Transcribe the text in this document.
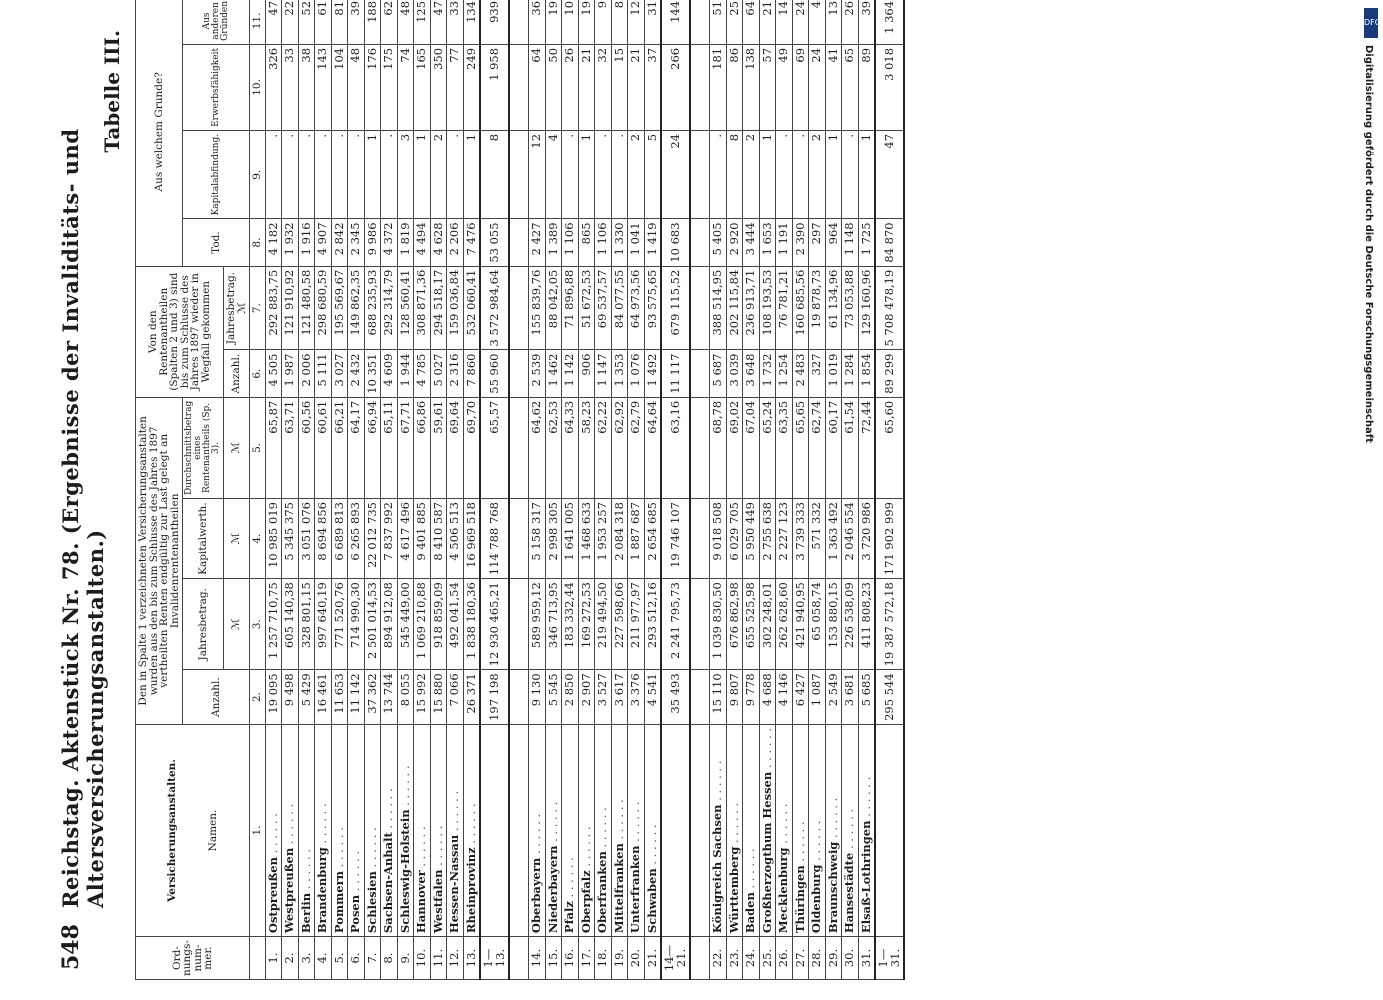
DFG
Digitalisierung gefördert durch die Deutsche Forschungsgemeinschaft
548
Reichstag. Aktenstück Nr. 78. (Ergebnisse der Invaliditäts- und Altersversicherungsanstalten.)
Tabelle III.
Ord-nungs-num-mer.	Versicherungsanstalten. Namen.	Den in Spalte 1 verzeichneten Versicherungsanstalten wurden aus den bis zum Schlusse des Jahres 1897 vertheilten Renten endgültig zur Last gelegt an Invalidenrentenantheilen				Von den Rentenantheilen (Spalten 2 und 3) sind bis zum Schlusse des Jahres 1897 wieder in Wegfall gekommen		Aus welchem Grunde?			
		Anzahl.	Jahresbetrag.	Kapitalwerth.	Durchschnittsbetrag eines Rentenantheils (Sp. 3).			Tod.	Kapitalabfindung.	Erwerbsfähigkeit	Aus anderen Gründen
			ℳ	ℳ	ℳ	Anzahl.	Jahresbetrag.
ℳ				
	1.	2.	3.	4.	5.	6.	7.	8.	9.	10.	11.
1.	Ostpreußen . . .	19 095	1 257 710,75	10 985 019	65,87	4 505	292 883,75	4 182	.	326	47
2.	Westpreußen . . .	9 498	605 140,38	5 345 375	63,71	1 987	121 910,92	1 932	.	33	22
3.	Berlin . . .	5 429	328 801,15	3 051 076	60,56	2 006	121 480,58	1 916	.	38	52
4.	Brandenburg . . .	16 461	997 640,19	8 694 856	60,61	5 111	298 680,59	4 907	.	143	61
5.	Pommern . . .	11 653	771 520,76	6 689 813	66,21	3 027	195 569,67	2 842	.	104	81
6.	Posen . . .	11 142	714 990,30	6 265 893	64,17	2 432	149 862,35	2 345	.	48	39
7.	Schlesien . . .	37 362	2 501 014,53	22 012 735	66,94	10 351	688 235,93	9 986	1	176	188
8.	Sachsen-Anhalt . . .	13 744	894 912,08	7 837 992	65,11	4 609	292 314,79	4 372	.	175	62
9.	Schleswig-Holstein . . .	8 055	545 449,00	4 617 496	67,71	1 944	128 560,41	1 819	3	74	48
10.	Hannover . . .	15 992	1 069 210,88	9 401 885	66,86	4 785	308 871,36	4 494	1	165	125
11.	Westfalen . . .	15 880	918 859,09	8 410 587	59,61	5 027	294 518,17	4 628	2	350	47
12.	Hessen-Nassau . . .	7 066	492 041,54	4 506 513	69,64	2 316	159 036,84	2 206	.	77	33
13.	Rheinprovinz . . .	26 371	1 838 180,36	16 969 518	69,70	7 860	532 060,41	7 476	1	249	134
1—13.		197 198	12 930 465,21	114 788 768	65,57	55 960	3 572 984,64	53 055	8	1 958	939

14.	Oberbayern . . .	9 130	589 959,12	5 158 317	64,62	2 539	155 839,76	2 427	12	64	36
15.	Niederbayern . . .	5 545	346 713,95	2 998 305	62,53	1 462	88 042,05	1 389	4	50	19
16.	Pfalz . . .	2 850	183 332,44	1 641 005	64,33	1 142	71 896,88	1 106	.	26	10
17.	Oberpfalz . . .	2 907	169 272,53	1 468 633	58,23	906	51 672,53	865	1	21	19
18.	Oberfranken . . .	3 527	219 494,50	1 953 257	62,22	1 147	69 537,57	1 106	.	32	9
19.	Mittelfranken . . .	3 617	227 598,06	2 084 318	62,92	1 353	84 077,55	1 330	.	15	8
20.	Unterfranken . . .	3 376	211 977,97	1 887 687	62,79	1 076	64 973,56	1 041	2	21	12
21.	Schwaben . . .	4 541	293 512,16	2 654 685	64,64	1 492	93 575,65	1 419	5	37	31
14—21.		35 493	2 241 795,73	19 746 107	63,16	11 117	679 115,52	10 683	24	266	144

22.	Königreich Sachsen . . .	15 110	1 039 830,50	9 018 508	68,78	5 687	388 514,95	5 405	.	181	51
23.	Württemberg . . .	9 807	676 862,98	6 029 705	69,02	3 039	202 115,84	2 920	8	86	25
24.	Baden . . .	9 778	655 525,98	5 950 449	67,04	3 648	236 913,71	3 444	2	138	64
25.	Großherzogthum Hessen . . .	4 688	302 248,01	2 755 638	65,24	1 732	108 193,53	1 653	1	57	21
26.	Mecklenburg . . .	4 146	262 628,60	2 227 123	63,35	1 254	76 781,21	1 191	.	49	14
27.	Thüringen . . .	6 427	421 940,95	3 739 333	65,65	2 483	160 685,56	2 390	.	69	24
28.	Oldenburg . . .	1 087	65 058,74	571 332	62,74	327	19 878,73	297	2	24	4
29.	Braunschweig . . .	2 549	153 880,15	1 363 492	60,17	1 019	61 134,96	964	1	41	13
30.	Hansestädte . . .	3 681	226 538,09	2 046 554	61,54	1 284	73 053,88	1 148	.	65	26
31.	Elsaß-Lothringen . . .	5 685	411 808,23	3 720 986	72,44	1 854	129 160,96	1 725	1	89	39
1—31.		295 544	19 387 572,18	171 902 999	65,60	89 299	5 708 478,19	84 870	47	3 018	1 364
